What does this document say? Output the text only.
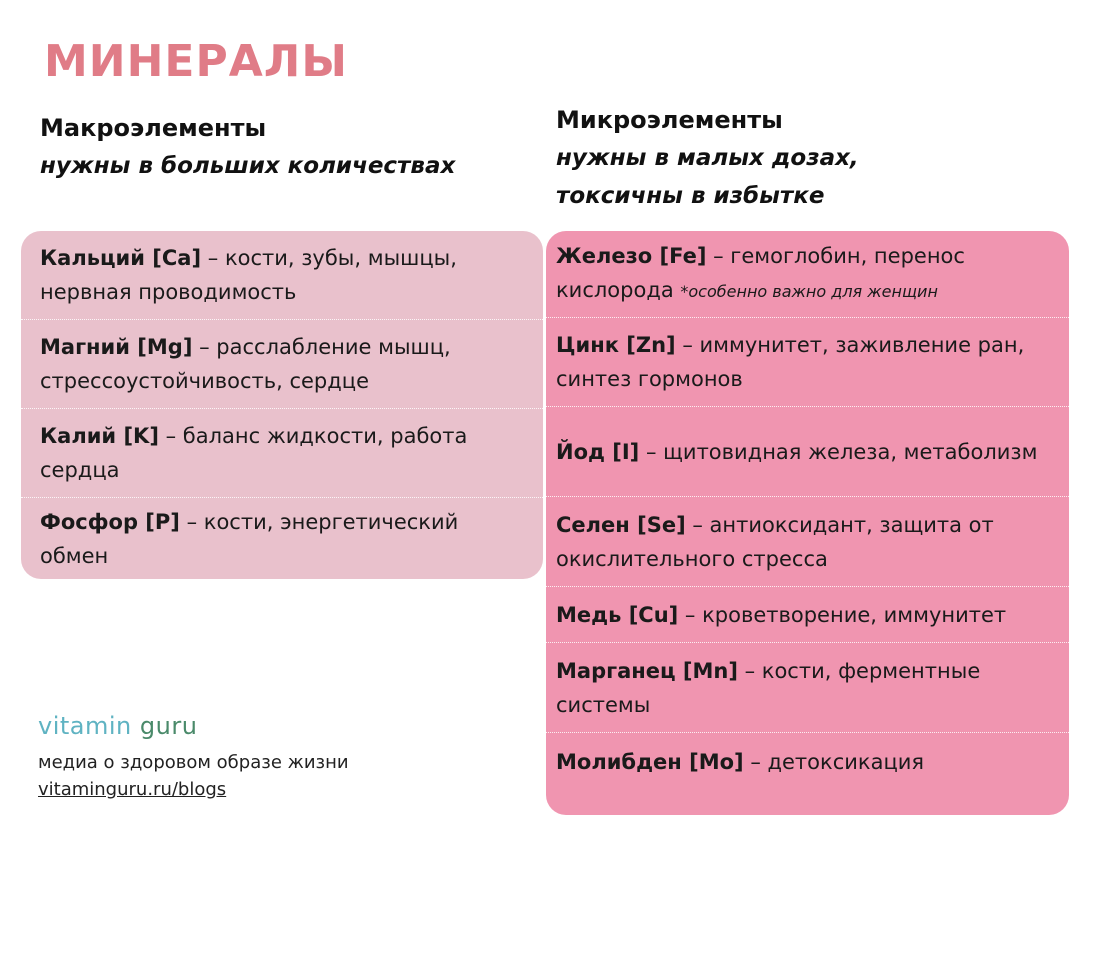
МИНЕРАЛЫ
Макроэлементы
нужны в больших количествах
Микроэлементы
нужны в малых дозах,
токсичны в избытке
Кальций [Ca] – кости, зубы, мышцы, нервная проводимость
Магний [Mg] – расслабление мышц, стрессоустойчивость, сердце
Калий [K] – баланс жидкости, работа сердца
Фосфор [P] – кости, энергетический обмен
Железо [Fe] – гемоглобин, перенос кислорода *особенно важно для женщин
Цинк [Zn] – иммунитет, заживление ран, синтез гормонов
Йод [I] – щитовидная железа, метаболизм
Селен [Se] – антиоксидант, защита от окислительного стресса
Медь [Cu] – кроветворение, иммунитет
Марганец [Mn] – кости, ферментные системы
Молибден [Mo] – детоксикация
vitamin guru
медиа о здоровом образе жизни
vitaminguru.ru/blogs
